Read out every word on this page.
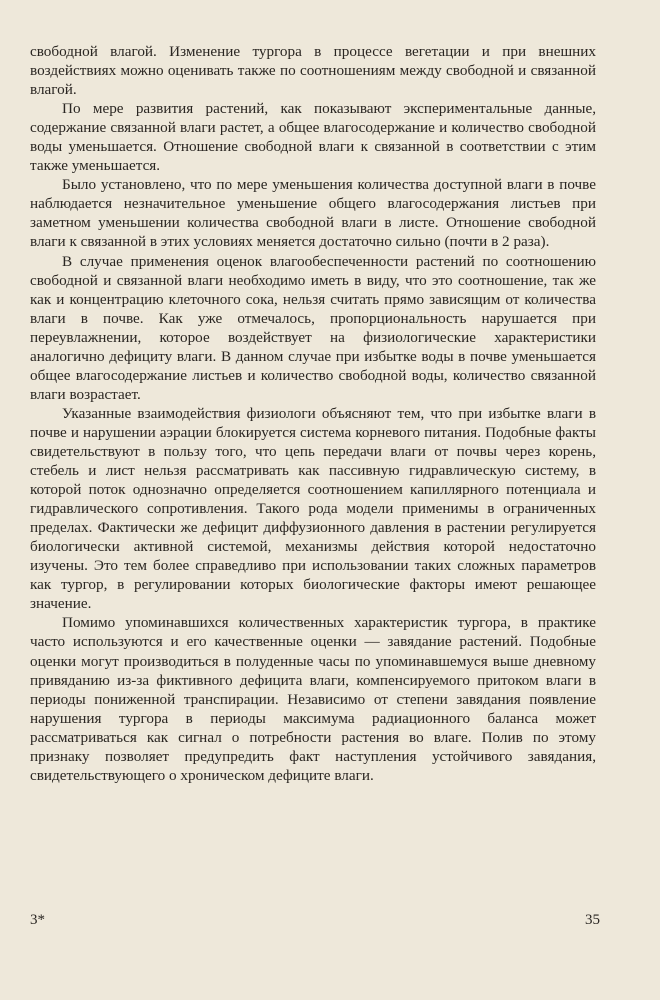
свободной влагой. Изменение тургора в процессе вегетации и при внешних воздействиях можно оценивать также по соотношениям между свободной и связанной влагой.

По мере развития растений, как показывают экспериментальные данные, содержание связанной влаги растет, а общее влагосодержание и количество свободной воды уменьшается. Отношение свободной влаги к связанной в соответствии с этим также уменьшается.

Было установлено, что по мере уменьшения количества доступной влаги в почве наблюдается незначительное уменьшение общего влагосодержания листьев при заметном уменьшении количества свободной влаги в листе. Отношение свободной влаги к связанной в этих условиях меняется достаточно сильно (почти в 2 раза).

В случае применения оценок влагообеспеченности растений по соотношению свободной и связанной влаги необходимо иметь в виду, что это соотношение, так же как и концентрацию клеточного сока, нельзя считать прямо зависящим от количества влаги в почве. Как уже отмечалось, пропорциональность нарушается при переувлажнении, которое воздействует на физиологические характеристики аналогично дефициту влаги. В данном случае при избытке воды в почве уменьшается общее влагосодержание листьев и количество свободной воды, количество связанной влаги возрастает.

Указанные взаимодействия физиологи объясняют тем, что при избытке влаги в почве и нарушении аэрации блокируется система корневого питания. Подобные факты свидетельствуют в пользу того, что цепь передачи влаги от почвы через корень, стебель и лист нельзя рассматривать как пассивную гидравлическую систему, в которой поток однозначно определяется соотношением капиллярного потенциала и гидравлического сопротивления. Такого рода модели применимы в ограниченных пределах. Фактически же дефицит диффузионного давления в растении регулируется биологически активной системой, механизмы действия которой недостаточно изучены. Это тем более справедливо при использовании таких сложных параметров как тургор, в регулировании которых биологические факторы имеют решающее значение.

Помимо упоминавшихся количественных характеристик тургора, в практике часто используются и его качественные оценки — завядание растений. Подобные оценки могут производиться в полуденные часы по упоминавшемуся выше дневному привяданию из-за фиктивного дефицита влаги, компенсируемого притоком влаги в периоды пониженной транспирации. Независимо от степени завядания появление нарушения тургора в периоды максимума радиационного баланса может рассматриваться как сигнал о потребности растения во влаге. Полив по этому признаку позволяет предупредить факт наступления устойчивого завядания, свидетельствующего о хроническом дефиците влаги.

3*	35
